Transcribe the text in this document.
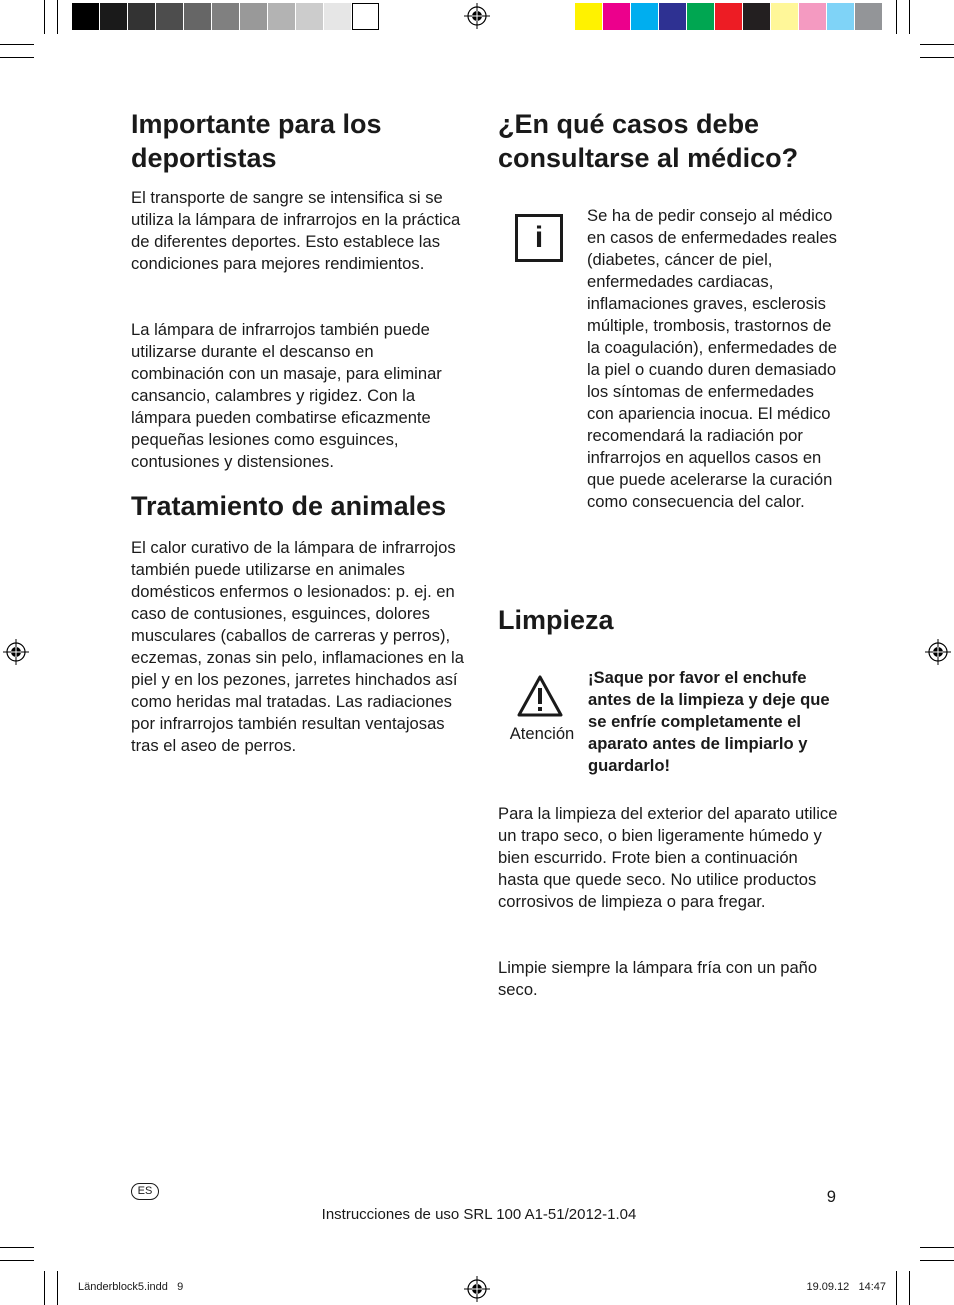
Importante para los deportistas

El transporte de sangre se intensifica si se utiliza la lámpara de infrarrojos en la práctica de diferentes deportes. Esto establece las condiciones para mejores rendimientos.

La lámpara de infrarrojos también puede utilizarse durante el descanso en combinación con un masaje, para eliminar cansancio, calambres y rigidez. Con la lámpara pueden combatirse eficazmente pequeñas lesiones como esguinces, contusiones y distensiones.

Tratamiento de animales

El calor curativo de la lámpara de infrarrojos también puede utilizarse en animales domésticos enfermos o lesionados: p. ej. en caso de contusiones, esguinces, dolores musculares (caballos de carreras y perros), eczemas, zonas sin pelo, inflamaciones en la piel y en los pezones, jarretes hinchados así como heridas mal tratadas. Las radiaciones por infrarrojos también resultan ventajosas tras el aseo de perros.

¿En qué casos debe consultarse al médico?
i

Se ha de pedir consejo al médico en casos de enfermedades reales (diabetes, cáncer de piel, enfermedades cardiacas, inflamaciones graves, esclerosis múltiple, trombosis, trastornos de la coagulación), enfermedades de la piel o cuando duren demasiado los síntomas de enfermedades con apariencia inocua. El médico recomendará la radiación por infrarrojos en aquellos casos en que puede acelerarse la curación como consecuencia del calor.

Limpieza

Atención

¡Saque por favor el enchufe antes de la limpieza y deje que se enfríe completamente el aparato antes de limpiarlo y guardarlo!

Para la limpieza del exterior del aparato utilice un trapo seco, o bien ligeramente húmedo y bien escurrido. Frote bien a continuación hasta que quede seco. No utilice productos corrosivos de limpieza o para fregar.

Limpie siempre la lámpara fría con un paño seco.

ES	9

Instrucciones de uso SRL 100 A1-51/2012-1.04

Länderblock5.indd   9	19.09.12   14:47
